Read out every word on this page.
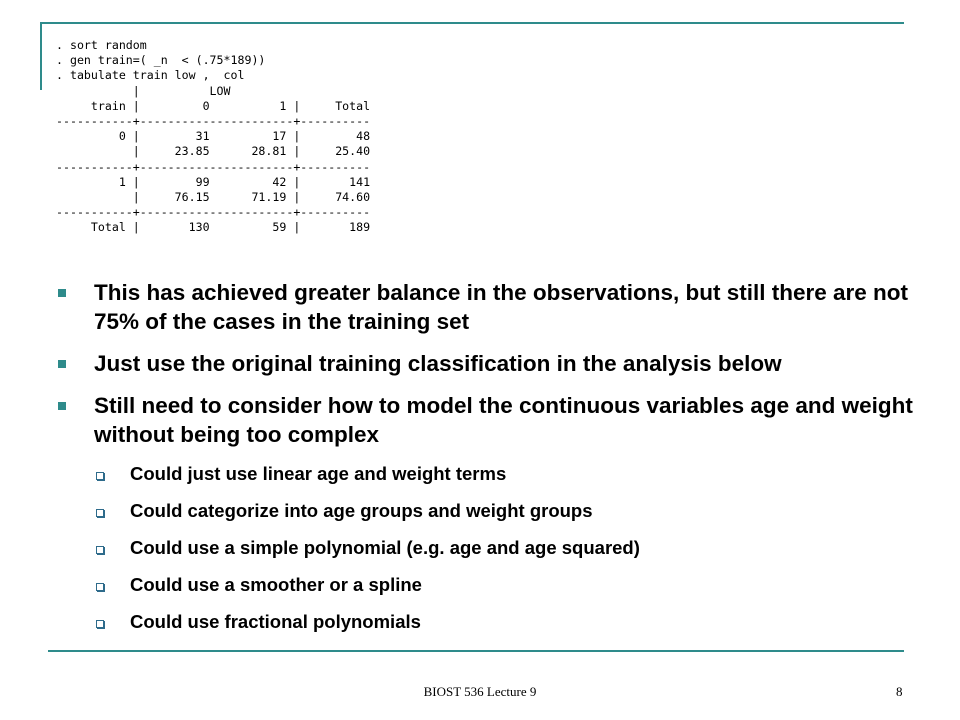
. sort random
. gen train=( _n  < (.75*189))
. tabulate train low ,  col
|          LOW
train |         0          1 |     Total
-----------+----------------------+----------
0 |        31         17 |        48
|     23.85      28.81 |     25.40
-----------+----------------------+----------
1 |        99         42 |       141
|     76.15      71.19 |     74.60
-----------+----------------------+----------
Total |       130         59 |       189
This has achieved greater balance in the observations, but still there are not 75% of the cases in the training set
Just use the original training classification in the analysis below
Still need to consider how to model the continuous variables age and weight without being too complex
Could just use linear age and weight terms
Could categorize into age groups and weight groups
Could use a simple polynomial (e.g. age and age squared)
Could use a smoother or a spline
Could use fractional polynomials
BIOST 536 Lecture 9	8
